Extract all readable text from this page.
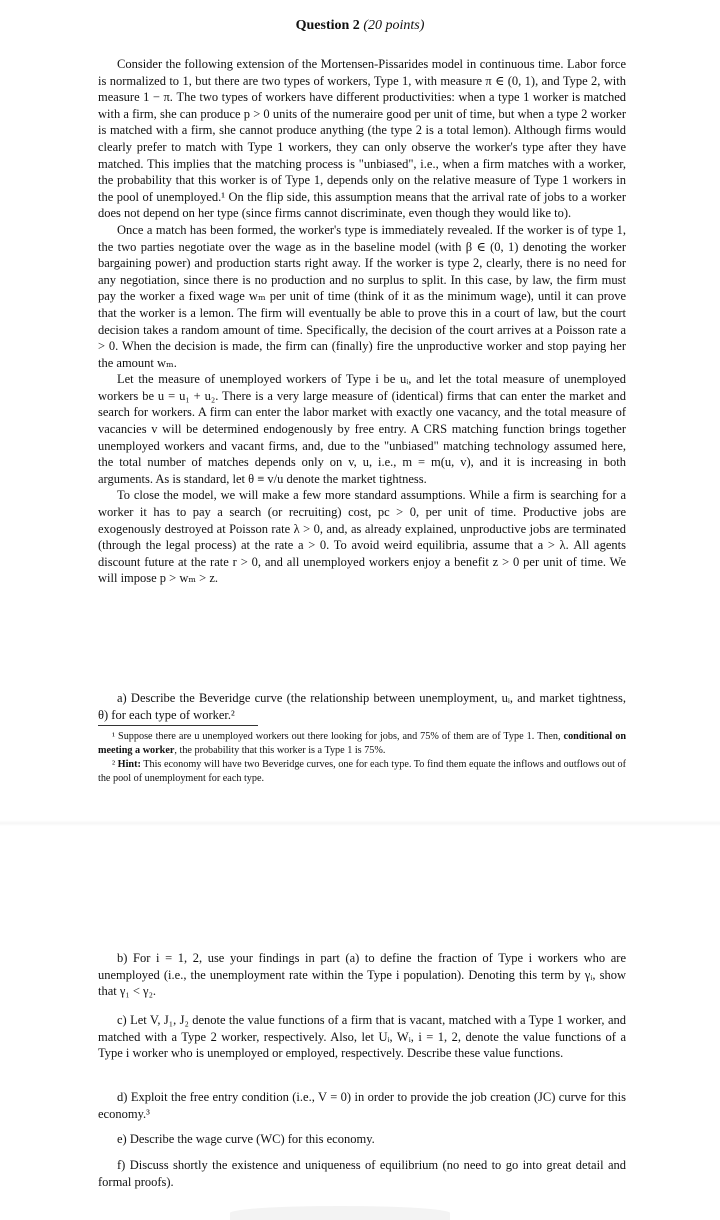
Question 2 (20 points)

Consider the following extension of the Mortensen-Pissarides model in continuous time. Labor force is normalized to 1, but there are two types of workers, Type 1, with measure π ∈ (0, 1), and Type 2, with measure 1 − π. The two types of workers have different productivities: when a type 1 worker is matched with a firm, she can produce p > 0 units of the numeraire good per unit of time, but when a type 2 worker is matched with a firm, she cannot produce anything (the type 2 is a total lemon). Although firms would clearly prefer to match with Type 1 workers, they can only observe the worker's type after they have matched. This implies that the matching process is "unbiased", i.e., when a firm matches with a worker, the probability that this worker is of Type 1, depends only on the relative measure of Type 1 workers in the pool of unemployed.¹ On the flip side, this assumption means that the arrival rate of jobs to a worker does not depend on her type (since firms cannot discriminate, even though they would like to).

Once a match has been formed, the worker's type is immediately revealed. If the worker is of type 1, the two parties negotiate over the wage as in the baseline model (with β ∈ (0, 1) denoting the worker bargaining power) and production starts right away. If the worker is type 2, clearly, there is no need for any negotiation, since there is no production and no surplus to split. In this case, by law, the firm must pay the worker a fixed wage wₘ per unit of time (think of it as the minimum wage), until it can prove that the worker is a lemon. The firm will eventually be able to prove this in a court of law, but the court decision takes a random amount of time. Specifically, the decision of the court arrives at a Poisson rate a > 0. When the decision is made, the firm can (finally) fire the unproductive worker and stop paying her the amount wₘ.

Let the measure of unemployed workers of Type i be uᵢ, and let the total measure of unemployed workers be u = u₁ + u₂. There is a very large measure of (identical) firms that can enter the market and search for workers. A firm can enter the labor market with exactly one vacancy, and the total measure of vacancies v will be determined endogenously by free entry. A CRS matching function brings together unemployed workers and vacant firms, and, due to the "unbiased" matching technology assumed here, the total number of matches depends only on v, u, i.e., m = m(u, v), and it is increasing in both arguments. As is standard, let θ ≡ v/u denote the market tightness.

To close the model, we will make a few more standard assumptions. While a firm is searching for a worker it has to pay a search (or recruiting) cost, pc > 0, per unit of time. Productive jobs are exogenously destroyed at Poisson rate λ > 0, and, as already explained, unproductive jobs are terminated (through the legal process) at the rate a > 0. To avoid weird equilibria, assume that a > λ. All agents discount future at the rate r > 0, and all unemployed workers enjoy a benefit z > 0 per unit of time. We will impose p > wₘ > z.

a) Describe the Beveridge curve (the relationship between unemployment, uᵢ, and market tightness, θ) for each type of worker.²

¹ Suppose there are u unemployed workers out there looking for jobs, and 75% of them are of Type 1. Then, conditional on meeting a worker, the probability that this worker is a Type 1 is 75%.

² Hint: This economy will have two Beveridge curves, one for each type. To find them equate the inflows and outflows out of the pool of unemployment for each type.

b) For i = 1, 2, use your findings in part (a) to define the fraction of Type i workers who are unemployed (i.e., the unemployment rate within the Type i population). Denoting this term by γᵢ, show that γ₁ < γ₂.

c) Let V, J₁, J₂ denote the value functions of a firm that is vacant, matched with a Type 1 worker, and matched with a Type 2 worker, respectively. Also, let Uᵢ, Wᵢ, i = 1, 2, denote the value functions of a Type i worker who is unemployed or employed, respectively. Describe these value functions.

d) Exploit the free entry condition (i.e., V = 0) in order to provide the job creation (JC) curve for this economy.³

e) Describe the wage curve (WC) for this economy.

f) Discuss shortly the existence and uniqueness of equilibrium (no need to go into great detail and formal proofs).
